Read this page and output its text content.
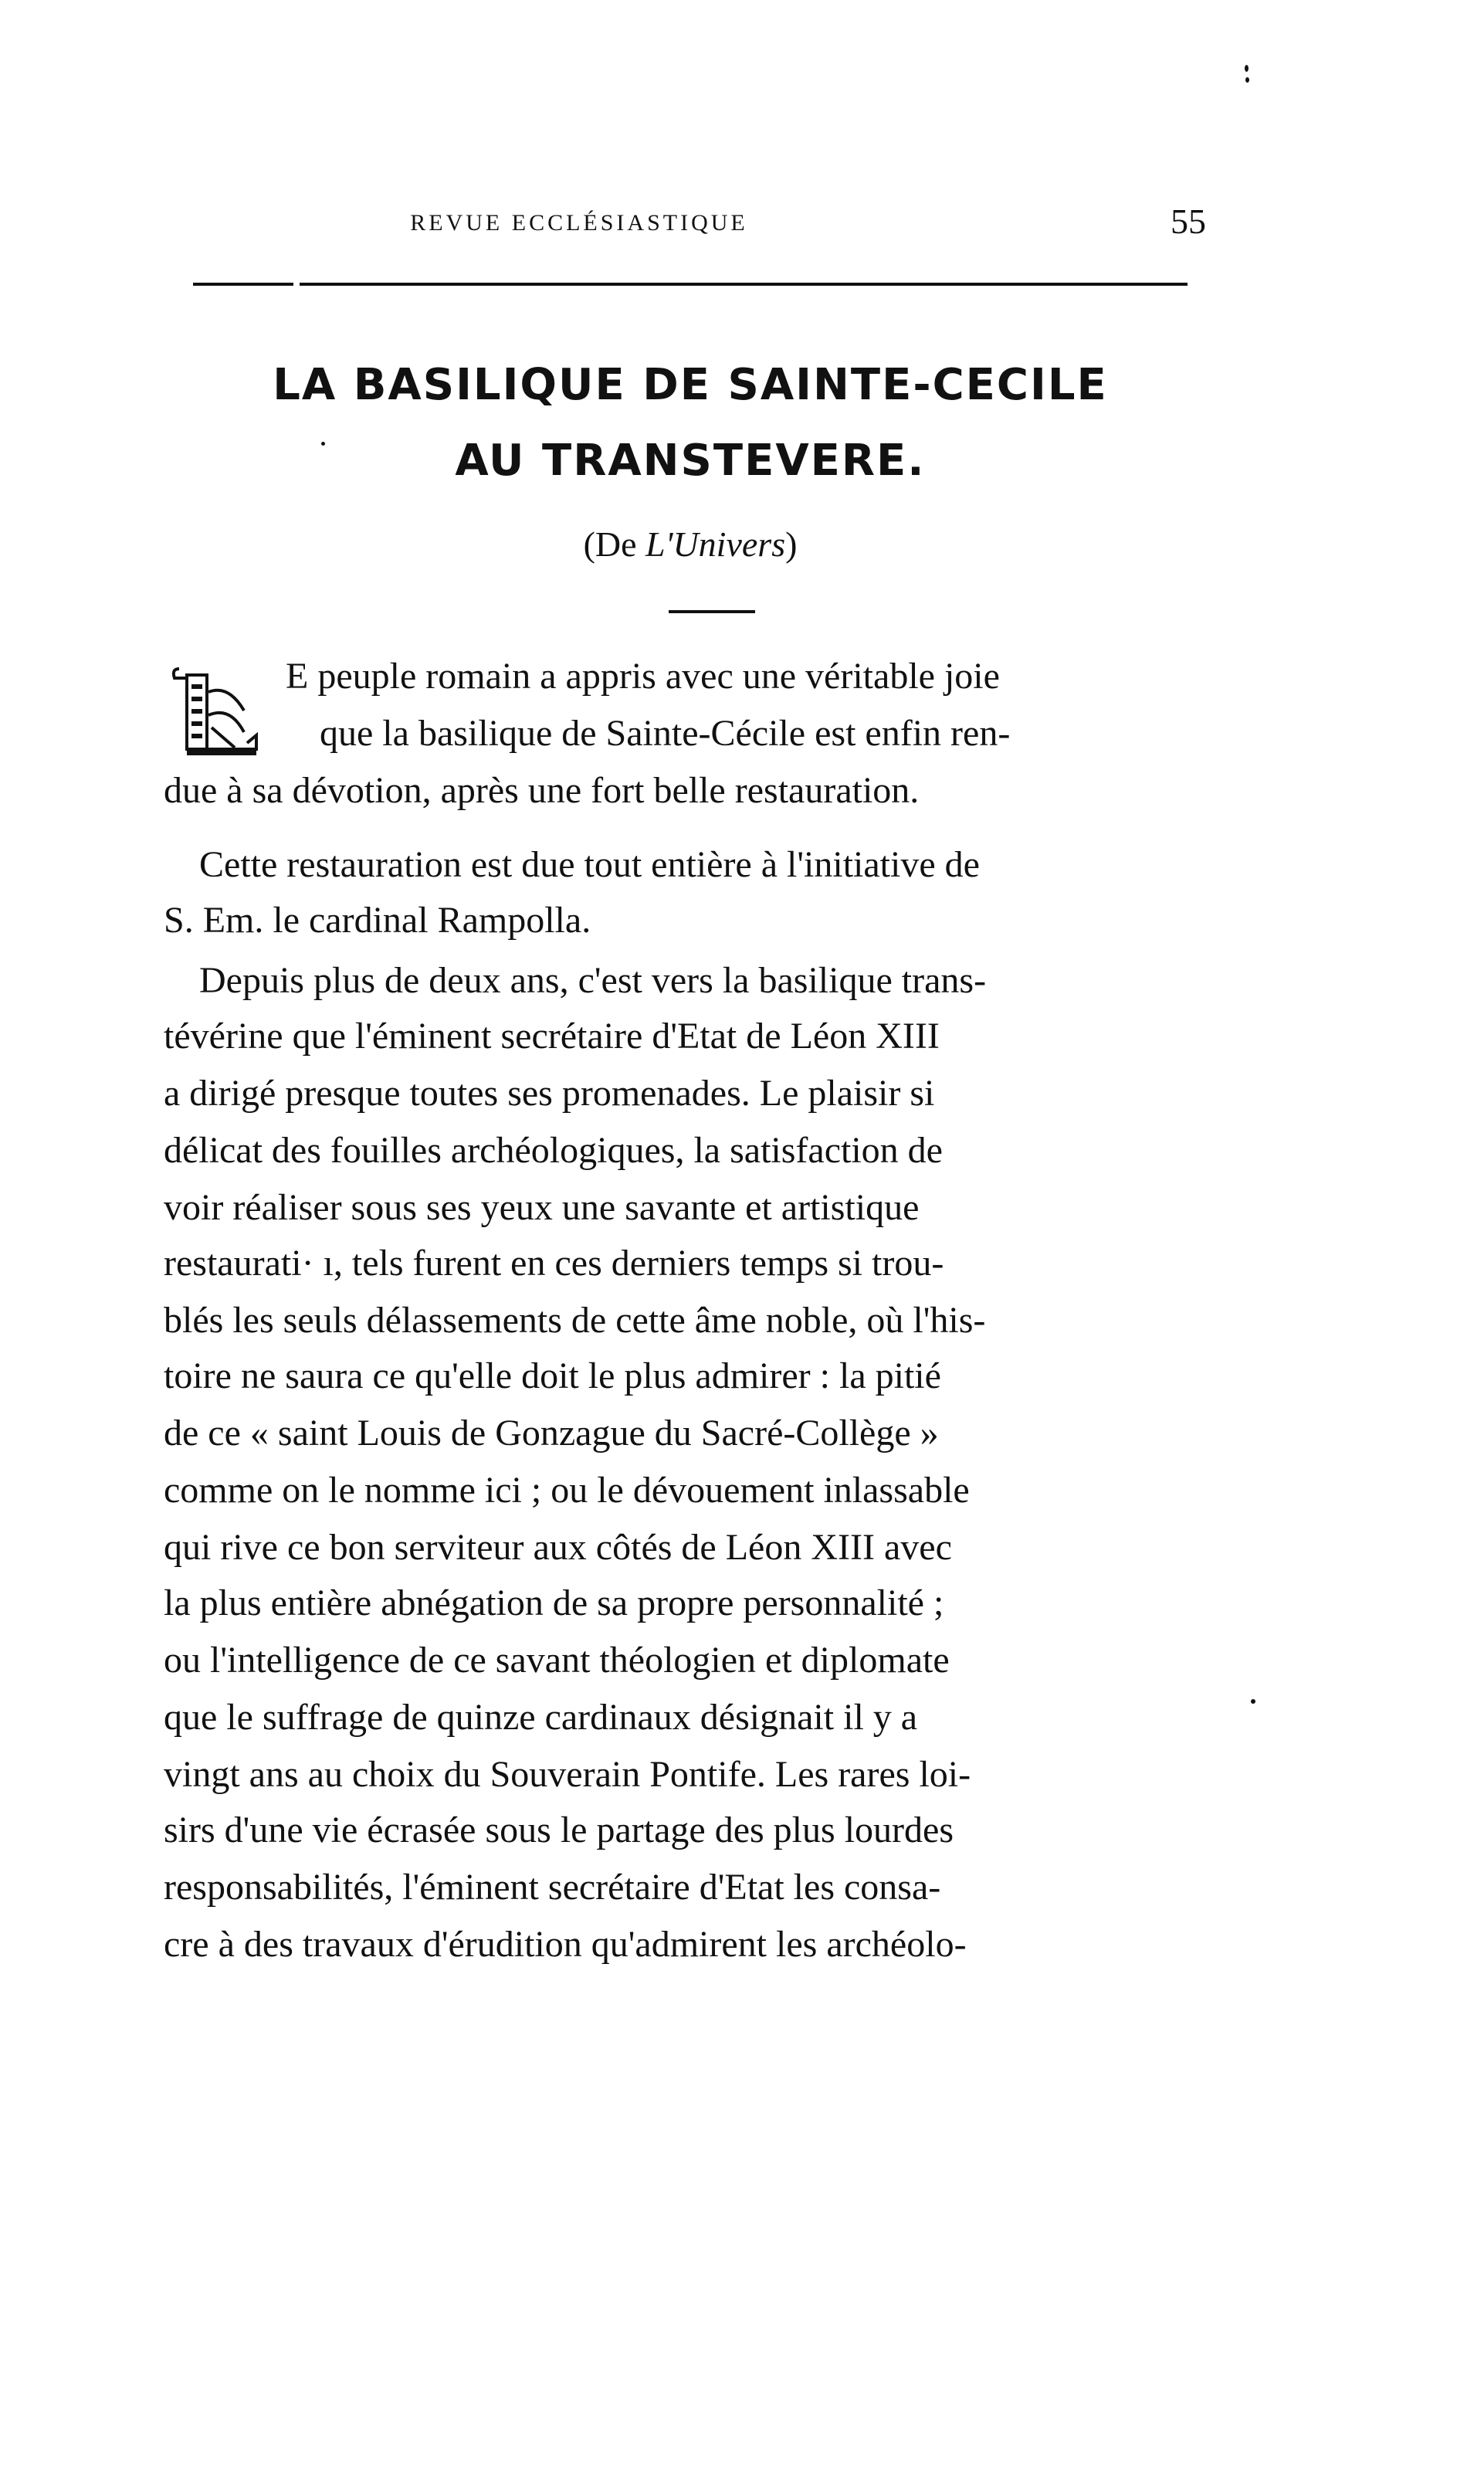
REVUE ECCLÉSIASTIQUE	55
LA BASILIQUE DE SAINTE-CECILE
AU TRANSTEVERE.
(De L'Univers)
E peuple romain a appris avec une véritable joie
que la basilique de Sainte-Cécile est enfin ren-
due à sa dévotion, après une fort belle restauration.
Cette restauration est due tout entière à l'initiative de
S. Em. le cardinal Rampolla.
Depuis plus de deux ans, c'est vers la basilique trans-
tévérine que l'éminent secrétaire d'Etat de Léon XIII
a dirigé presque toutes ses promenades. Le plaisir si
délicat des fouilles archéologiques, la satisfaction de
voir réaliser sous ses yeux une savante et artistique
restaurati· ı, tels furent en ces derniers temps si trou-
blés les seuls délassements de cette âme noble, où l'his-
toire ne saura ce qu'elle doit le plus admirer : la pitié
de ce « saint Louis de Gonzague du Sacré-Collège »
comme on le nomme ici ; ou le dévouement inlassable
qui rive ce bon serviteur aux côtés de Léon XIII avec
la plus entière abnégation de sa propre personnalité ;
ou l'intelligence de ce savant théologien et diplomate
que le suffrage de quinze cardinaux désignait il y a
vingt ans au choix du Souverain Pontife. Les rares loi-
sirs d'une vie écrasée sous le partage des plus lourdes
responsabilités, l'éminent secrétaire d'Etat les consa-
cre à des travaux d'érudition qu'admirent les archéolo-
